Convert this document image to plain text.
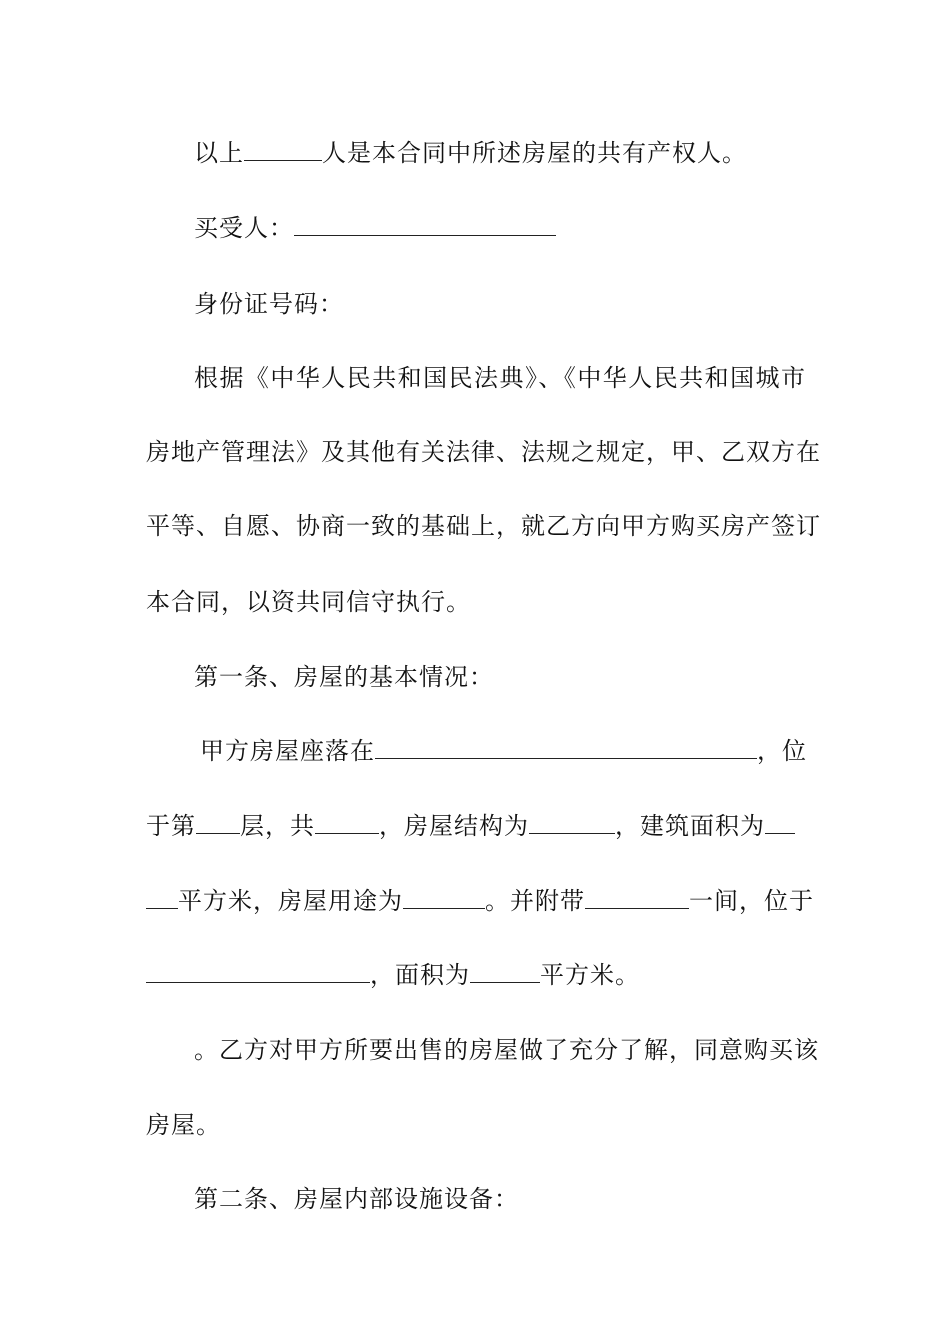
以上	人是本合同中所述房屋的共有产权人。
买受人：
身份证号码：
根据《中华人民共和国民法典》、《中华人民共和国城市
房地产管理法》及其他有关法律、法规之规定，甲、乙双方在
平等、自愿、协商一致的基础上，就乙方向甲方购买房产签订
本合同，以资共同信守执行。
第一条、房屋的基本情况：
甲方房屋座落在	，位
于第 层，共	，房屋结构为	，建筑面积为
平方米，房屋用途为	。并附带	一间，位于
，面积为	平方米。
。乙方对甲方所要出售的房屋做了充分了解，同意购买该
房屋。
第二条、房屋内部设施设备：
